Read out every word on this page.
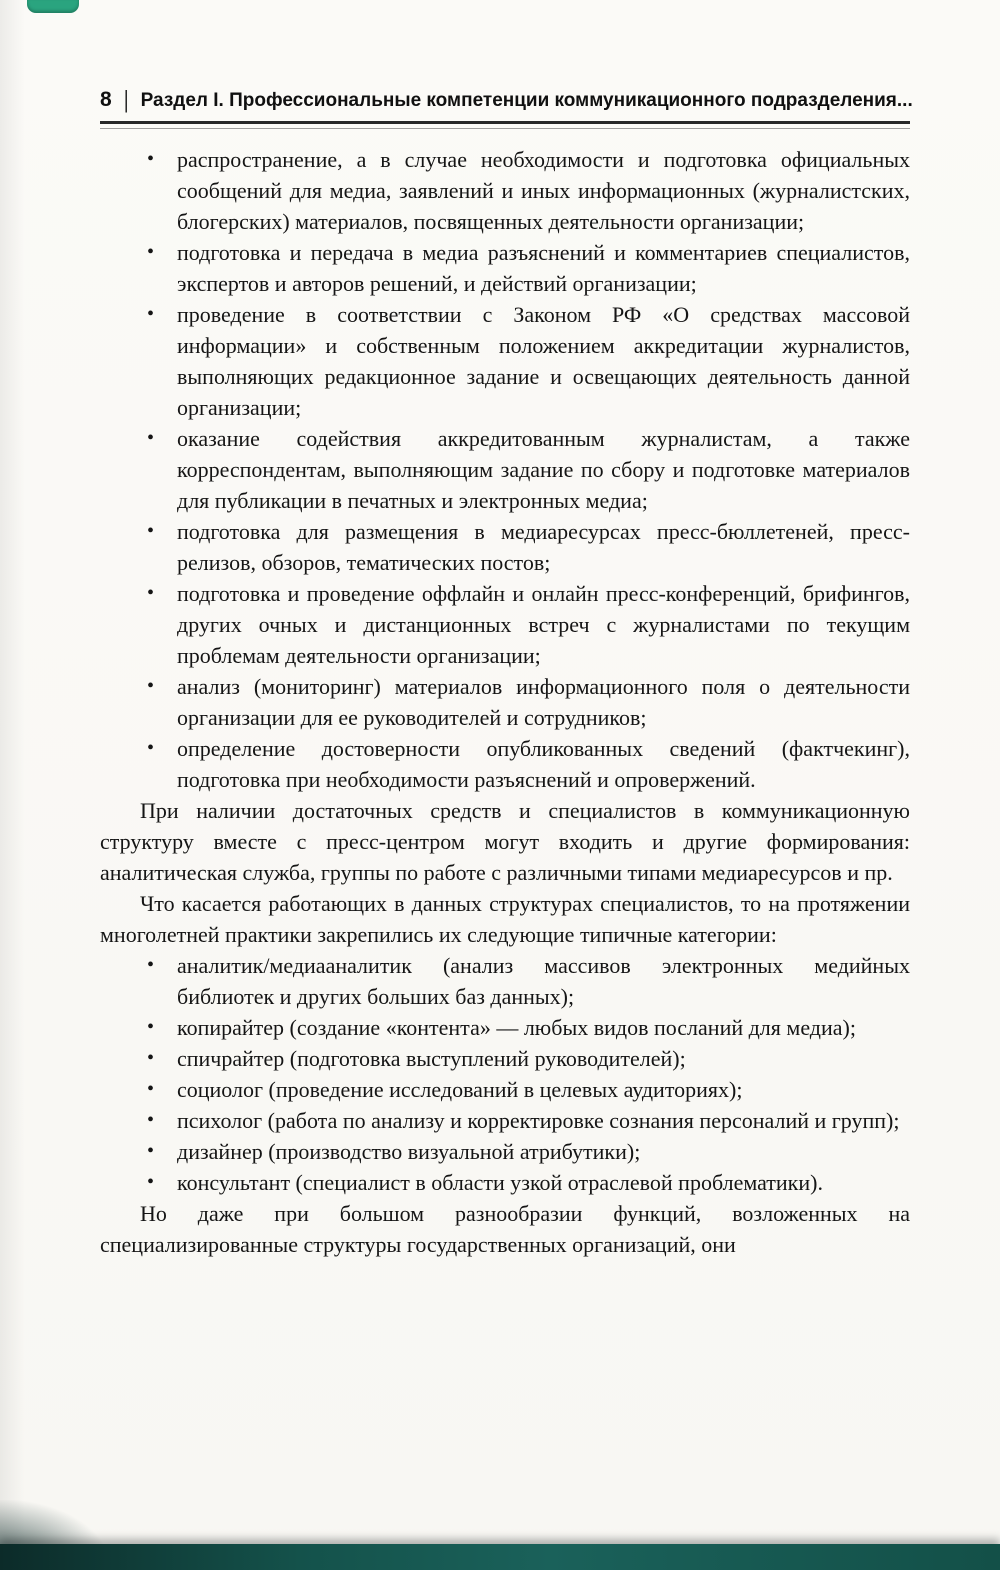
8 | Раздел I. Профессиональные компетенции коммуникационного подразделения...
• распространение, а в случае необходимости и подготовка официальных сообщений для медиа, заявлений и иных информационных (журналистских, блогерских) материалов, посвященных деятельности организации;
• подготовка и передача в медиа разъяснений и комментариев специалистов, экспертов и авторов решений, и действий организации;
• проведение в соответствии с Законом РФ «О средствах массовой информации» и собственным положением аккредитации журналистов, выполняющих редакционное задание и освещающих деятельность данной организации;
• оказание содействия аккредитованным журналистам, а также корреспондентам, выполняющим задание по сбору и подготовке материалов для публикации в печатных и электронных медиа;
• подготовка для размещения в медиаресурсах пресс-бюллетеней, пресс-релизов, обзоров, тематических постов;
• подготовка и проведение оффлайн и онлайн пресс-конференций, брифингов, других очных и дистанционных встреч с журналистами по текущим проблемам деятельности организации;
• анализ (мониторинг) материалов информационного поля о деятельности организации для ее руководителей и сотрудников;
• определение достоверности опубликованных сведений (фактчекинг), подготовка при необходимости разъяснений и опровержений.

При наличии достаточных средств и специалистов в коммуникационную структуру вместе с пресс-центром могут входить и другие формирования: аналитическая служба, группы по работе с различными типами медиаресурсов и пр.

Что касается работающих в данных структурах специалистов, то на протяжении многолетней практики закрепились их следующие типичные категории:

• аналитик/медиааналитик (анализ массивов электронных медийных библиотек и других больших баз данных);
• копирайтер (создание «контента» — любых видов посланий для медиа);
• спичрайтер (подготовка выступлений руководителей);
• социолог (проведение исследований в целевых аудиториях);
• психолог (работа по анализу и корректировке сознания персоналий и групп);
• дизайнер (производство визуальной атрибутики);
• консультант (специалист в области узкой отраслевой проблематики).

Но даже при большом разнообразии функций, возложенных на специализированные структуры государственных организаций, они
